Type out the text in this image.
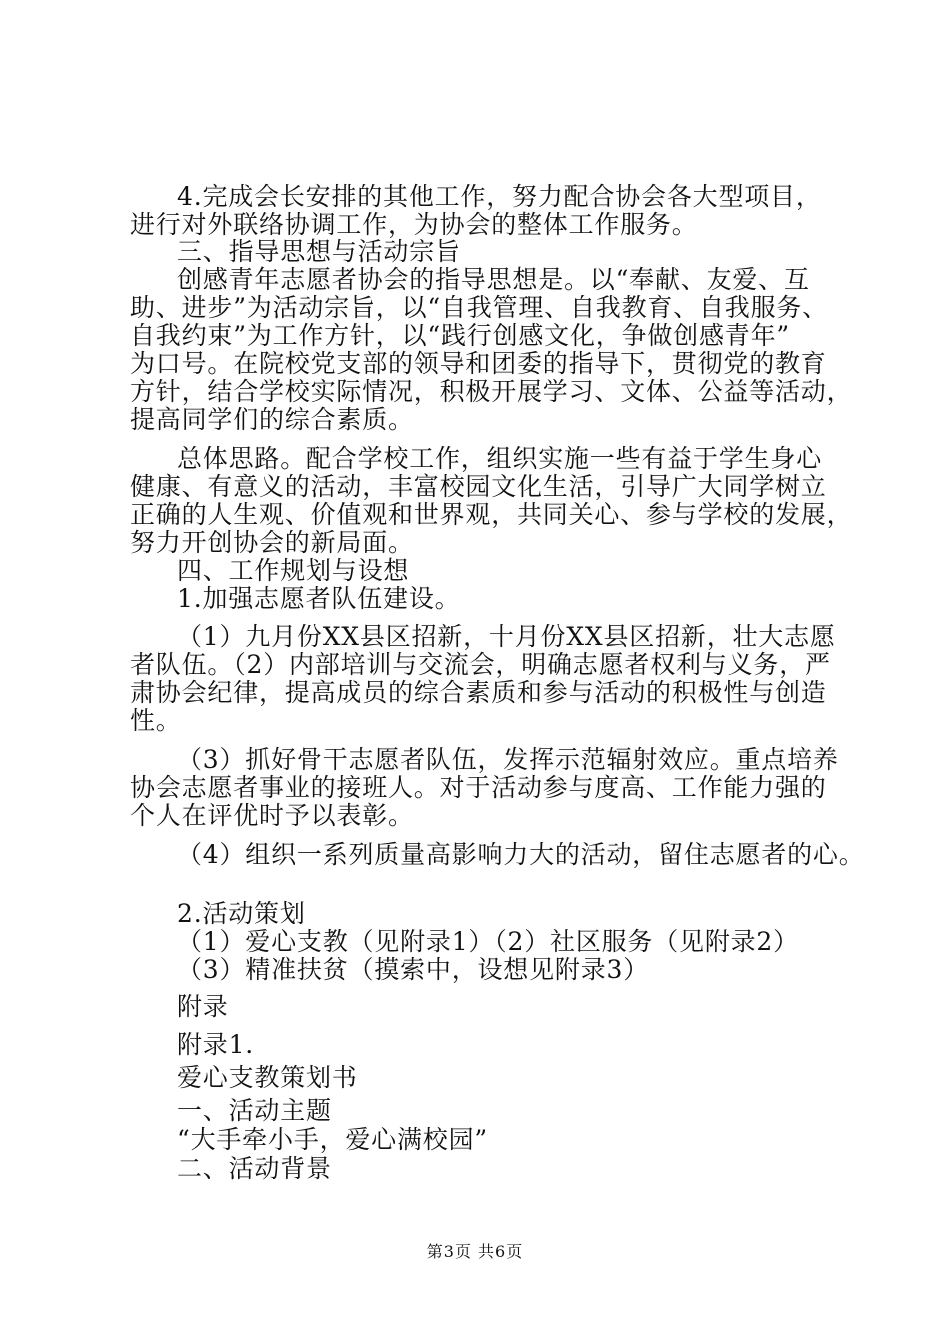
4.完成会长安排的其他工作，努力配合协会各大型项目，
进行对外联络协调工作，为协会的整体工作服务。
三、指导思想与活动宗旨
创感青年志愿者协会的指导思想是。以“奉献、友爱、互
助、进步”为活动宗旨，以“自我管理、自我教育、自我服务、
自我约束”为工作方针，以“践行创感文化，争做创感青年”
为口号。在院校党支部的领导和团委的指导下，贯彻党的教育
方针，结合学校实际情况，积极开展学习、文体、公益等活动，
提高同学们的综合素质。
总体思路。配合学校工作，组织实施一些有益于学生身心
健康、有意义的活动，丰富校园文化生活，引导广大同学树立
正确的人生观、价值观和世界观，共同关心、参与学校的发展，
努力开创协会的新局面。
四、工作规划与设想
1.加强志愿者队伍建设。
（1）九月份XX县区招新，十月份XX县区招新，壮大志愿
者队伍。（2）内部培训与交流会，明确志愿者权利与义务，严
肃协会纪律，提高成员的综合素质和参与活动的积极性与创造
性。
（3）抓好骨干志愿者队伍，发挥示范辐射效应。重点培养
协会志愿者事业的接班人。对于活动参与度高、工作能力强的
个人在评优时予以表彰。
（4）组织一系列质量高影响力大的活动，留住志愿者的心。
2.活动策划
（1）爱心支教（见附录1）（2）社区服务（见附录2）
（3）精准扶贫（摸索中，设想见附录3）
附录
附录1.
爱心支教策划书
一、活动主题
“大手牵小手，爱心满校园”
二、活动背景
第3页 共6页
